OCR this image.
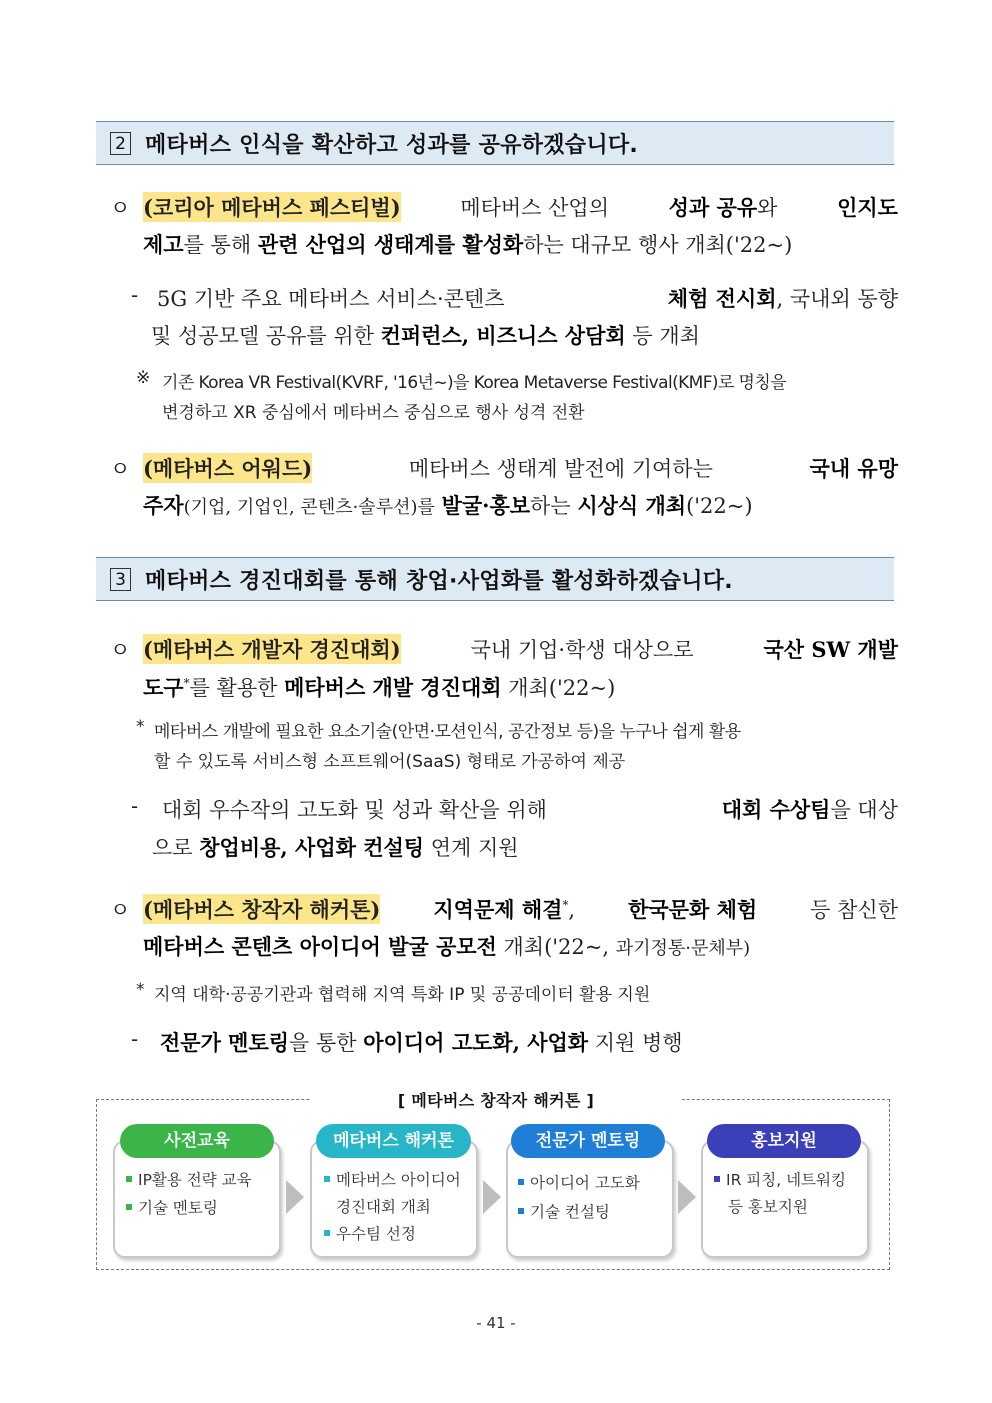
2 메타버스 인식을 확산하고 성과를 공유하겠습니다.
ㅇ (코리아 메타버스 페스티벌)	메타버스 산업의	성과 공유와	인지도
제고를 통해 관련 산업의 생태계를 활성화하는 대규모 행사 개최('22~)
- 5G 기반 주요 메타버스 서비스·콘텐츠	체험 전시회, 국내외 동향
및 성공모델 공유를 위한 컨퍼런스, 비즈니스 상담회 등 개최
※ 기존 Korea VR Festival(KVRF, '16년~)을 Korea Metaverse Festival(KMF)로 명칭을
변경하고 XR 중심에서 메타버스 중심으로 행사 성격 전환
ㅇ (메타버스 어워드)	메타버스 생태계 발전에 기여하는	국내 유망
주자(기업, 기업인, 콘텐츠·솔루션)를 발굴·홍보하는 시상식 개최('22~)
3 메타버스 경진대회를 통해 창업·사업화를 활성화하겠습니다.
ㅇ (메타버스 개발자 경진대회)	국내 기업·학생 대상으로	국산 SW 개발
도구*를 활용한 메타버스 개발 경진대회 개최('22~)
* 메타버스 개발에 필요한 요소기술(안면·모션인식, 공간정보 등)을 누구나 쉽게 활용
할 수 있도록 서비스형 소프트웨어(SaaS) 형태로 가공하여 제공
- 대회 우수작의 고도화 및 성과 확산을 위해	대회 수상팀을 대상
으로 창업비용, 사업화 컨설팅 연계 지원
ㅇ (메타버스 창작자 해커톤)	지역문제 해결*,	한국문화 체험	등 참신한
메타버스 콘텐츠 아이디어 발굴 공모전 개최('22~, 과기정통·문체부)
* 지역 대학·공공기관과 협력해 지역 특화 IP 및 공공데이터 활용 지원
- 전문가 멘토링을 통한 아이디어 고도화, 사업화 지원 병행
[ 메타버스 창작자 해커톤 ]
사전교육
IP활용 전략 교육
기술 멘토링
메타버스 해커톤
메타버스 아이디어
경진대회 개최
우수팀 선정
전문가 멘토링
아이디어 고도화
기술 컨설팅
홍보지원
IR 피칭, 네트워킹
등 홍보지원
- 41 -
